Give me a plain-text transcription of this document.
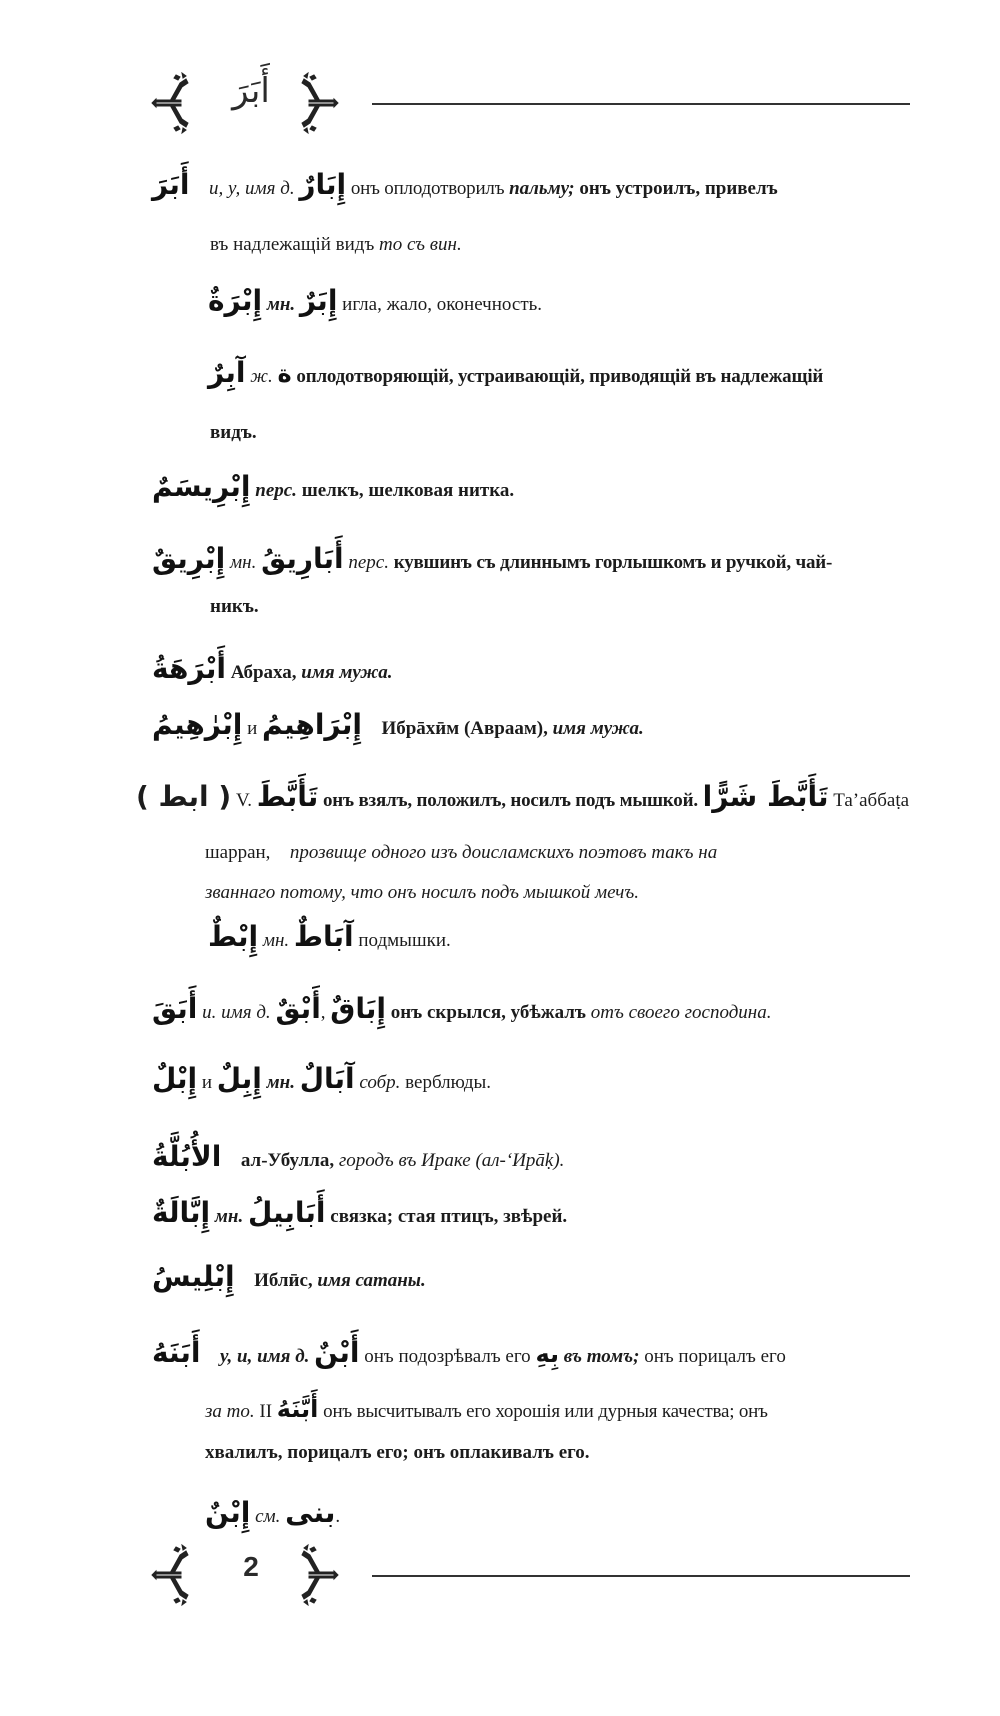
أَبَرَ
أَبَرَ и, у, имя д. إِبَارٌ онъ оплодотворилъ пальму; онъ устроилъ, привелъ
въ надлежащій видъ то съ вин.
إِبْرَةٌ мн. إِبَرٌ игла, жало, оконечность.
آبِرٌ ж. ة оплодотворяющій, устраивающій, приводящій въ надлежащій
видъ.
إِبْرِيسَمٌ перс. шелкъ, шелковая нитка.
إِبْرِيقٌ мн. أَبَارِيقُ перс. кувшинъ съ длиннымъ горлышкомъ и ручкой, чай-
никъ.
أَبْرَهَةُ Абраха, имя мужа.
إِبْرٰهِيمُ и إِبْرَاهِيمُ Ибрāхӣм (Авраам), имя мужа.
( ابط ) V. تَأَبَّطَ онъ взялъ, положилъ, носилъ подъ мышкой. تَأَبَّطَ شَرًّا Таʼаббаṭа
шарран, прозвище одного изъ доисламскихъ поэтовъ такъ на
званнаго потому, что онъ носилъ подъ мышкой мечъ.
إِبْطٌ мн. آبَاطٌ подмышки.
أَبَقَ и. имя д. أَبْقٌ, إِبَاقٌ онъ скрылся, убѣжалъ отъ своего господина.
إِبْلٌ и إِبِلٌ мн. آبَالٌ собр. верблюды.
الأُبُلَّةُ ал-Убулла, городъ въ Ираке (ал-ʻИрāḳ).
إِبَّالَةٌ мн. أَبَابِيلُ связка; стая птицъ, звѣрей.
إِبْلِيسُ Иблӣс, имя сатаны.
أَبَنَهُ у, и, имя д. أَبْنٌ онъ подозрѣвалъ его بِهِ въ томъ; онъ порицалъ его
за то. II أَبَّنَهُ онъ высчитывалъ его хорошія или дурныя качества; онъ
хвалилъ, порицалъ его; онъ оплакивалъ его.
إِبْنٌ см. بنى.
2
